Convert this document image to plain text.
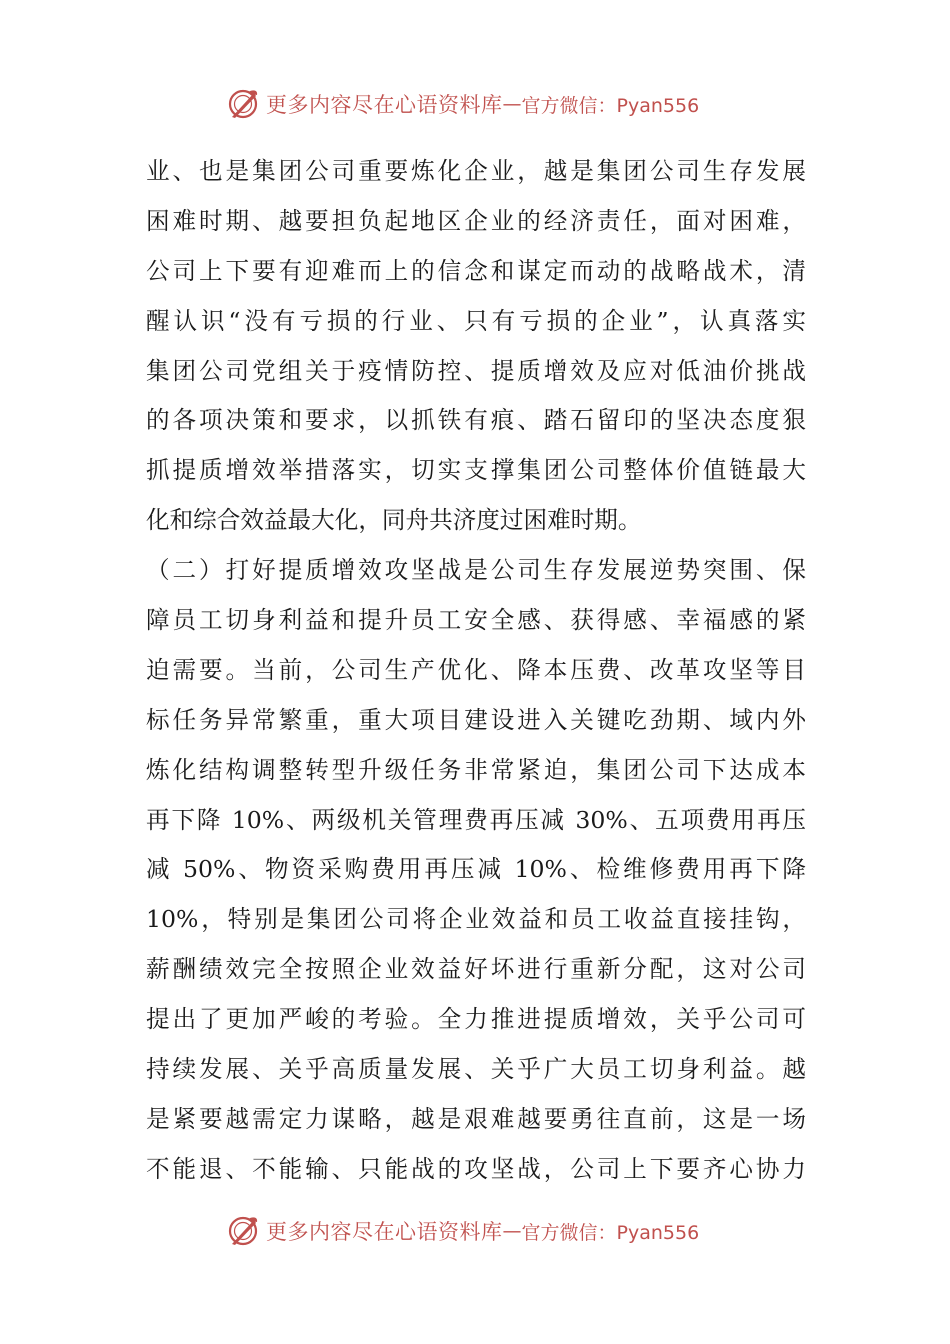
更多内容尽在心语资料库 — 官方微信：Pyan556
业、也是集团公司重要炼化企业，越是集团公司生存发展
困难时期、越要担负起地区企业的经济责任，面对困难，
公司上下要有迎难而上的信念和谋定而动的战略战术，清
醒认识“没有亏损的行业、只有亏损的企业”，认真落实
集团公司党组关于疫情防控、提质增效及应对低油价挑战
的各项决策和要求，以抓铁有痕、踏石留印的坚决态度狠
抓提质增效举措落实，切实支撑集团公司整体价值链最大
化和综合效益最大化，同舟共济度过困难时期。
（二）打好提质增效攻坚战是公司生存发展逆势突围、保
障员工切身利益和提升员工安全感、获得感、幸福感的紧
迫需要。当前，公司生产优化、降本压费、改革攻坚等目
标任务异常繁重，重大项目建设进入关键吃劲期、域内外
炼化结构调整转型升级任务非常紧迫，集团公司下达成本
再下降 10%、两级机关管理费再压减 30%、五项费用再压
减 50%、物资采购费用再压减 10%、检维修费用再下降
10%，特别是集团公司将企业效益和员工收益直接挂钩，
薪酬绩效完全按照企业效益好坏进行重新分配，这对公司
提出了更加严峻的考验。全力推进提质增效，关乎公司可
持续发展、关乎高质量发展、关乎广大员工切身利益。越
是紧要越需定力谋略，越是艰难越要勇往直前，这是一场
不能退、不能输、只能战的攻坚战，公司上下要齐心协力
更多内容尽在心语资料库 — 官方微信：Pyan556
